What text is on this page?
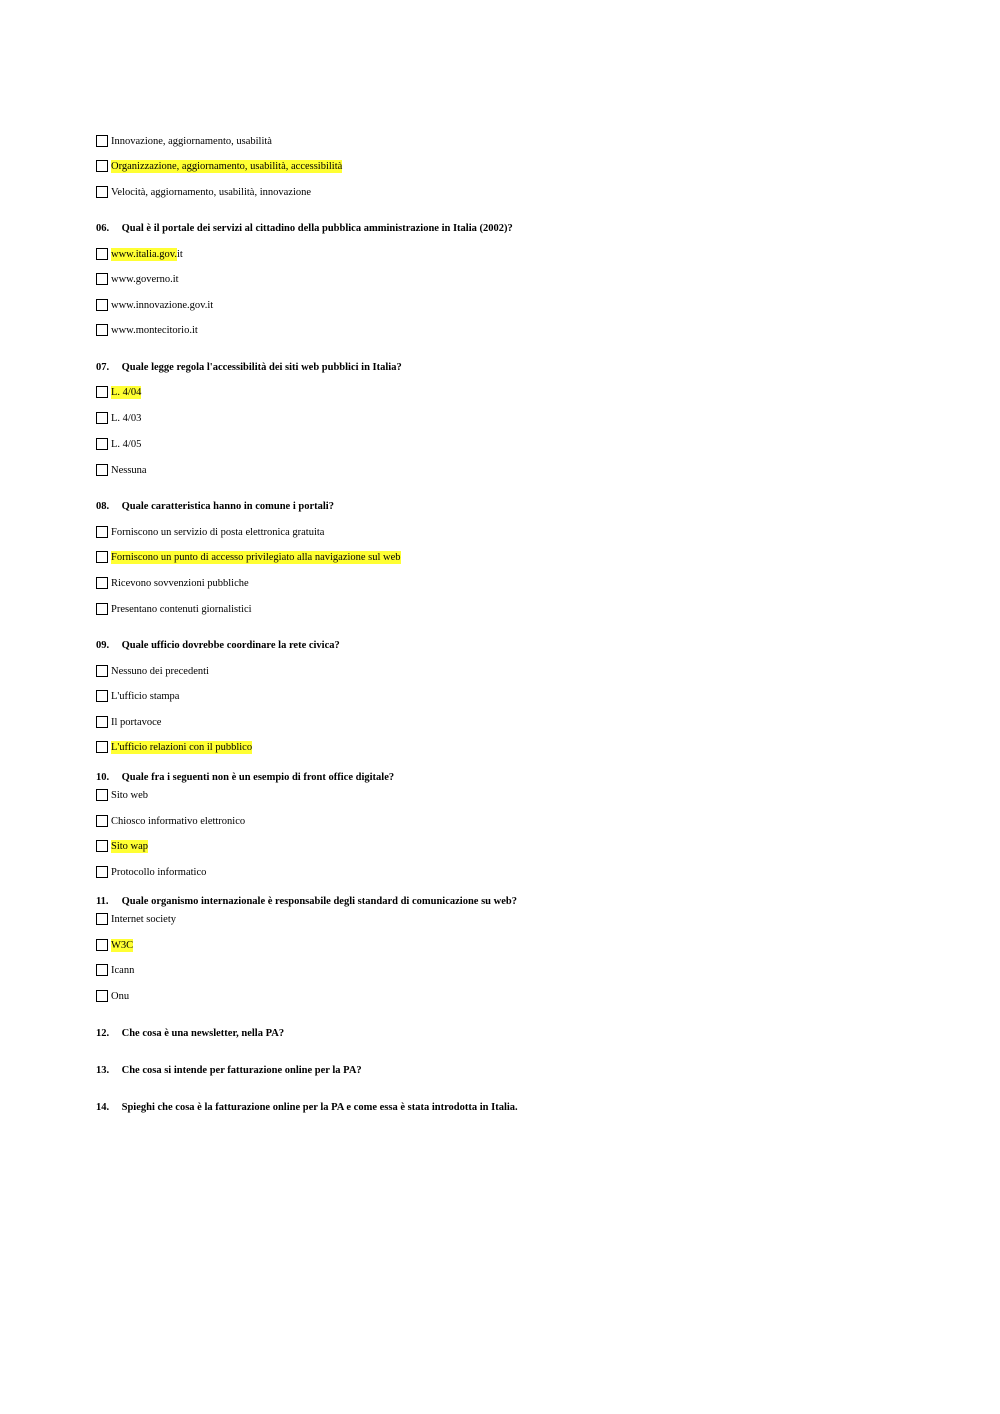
Innovazione, aggiornamento, usabilità
Organizzazione, aggiornamento, usabilità, accessibilità
Velocità, aggiornamento, usabilità, innovazione
06. Qual è il portale dei servizi al cittadino della pubblica amministrazione in Italia (2002)?
www.italia.gov. it
www.governo.it
www.innovazione.gov.it
www.montecitorio.it
07. Quale legge regola l'accessibilità dei siti web pubblici in Italia?
L. 4/04
L. 4/03
L. 4/05
Nessuna
08. Quale caratteristica hanno in comune i portali?
Forniscono un servizio di posta elettronica gratuita
Forniscono un punto di accesso privilegiato alla navigazione sul web
Ricevono sovvenzioni pubbliche
Presentano contenuti giornalistici
09. Quale ufficio dovrebbe coordinare la rete civica?
Nessuno dei precedenti
L'ufficio stampa
Il portavoce
L'ufficio relazioni con il pubblico
10. Quale fra i seguenti non è un esempio di front office digitale?
Sito web
Chiosco informativo elettronico
Sito wap
Protocollo informatico
11. Quale organismo internazionale è responsabile degli standard di comunicazione su web?
Internet society
W3C
Icann
Onu
12. Che cosa è una newsletter, nella PA?
13. Che cosa si intende per fatturazione online per la PA?
14. Spieghi che cosa è la fatturazione online per la PA e come essa è stata introdotta in Italia.
